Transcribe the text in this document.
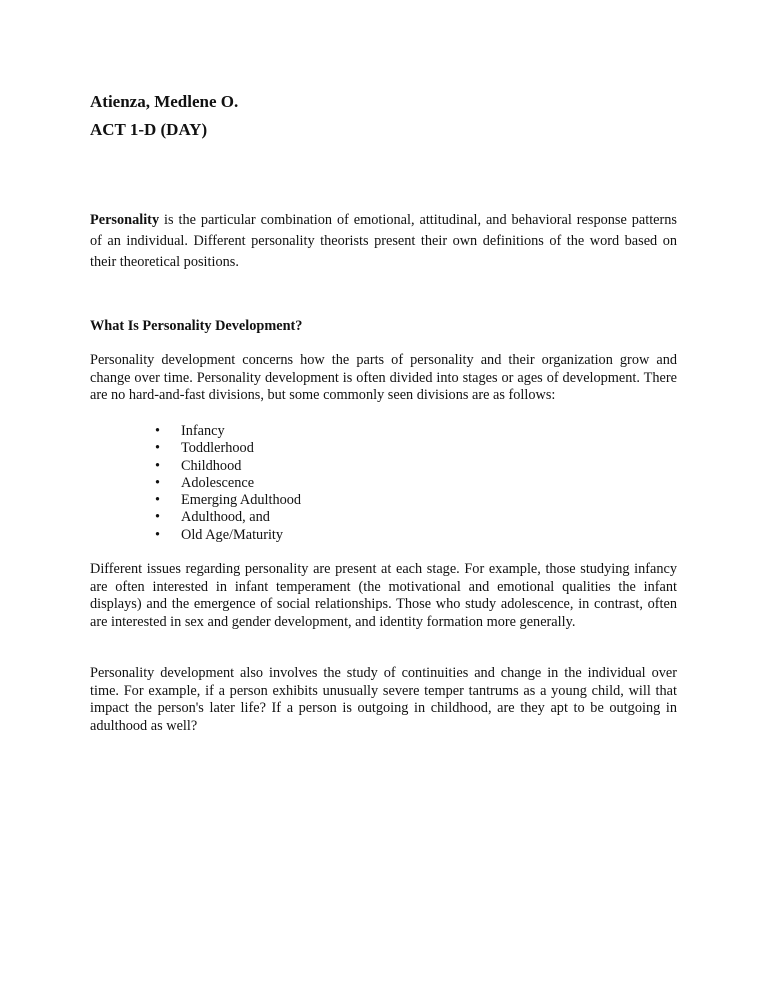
Atienza, Medlene O.

ACT 1-D (DAY)

Personality is the particular combination of emotional, attitudinal, and behavioral response patterns of an individual. Different personality theorists present their own definitions of the word based on their theoretical positions.

What Is Personality Development?

Personality development concerns how the parts of personality and their organization grow and change over time. Personality development is often divided into stages or ages of development. There are no hard-and-fast divisions, but some commonly seen divisions are as follows:

• Infancy
• Toddlerhood
• Childhood
• Adolescence
• Emerging Adulthood
• Adulthood, and
• Old Age/Maturity

Different issues regarding personality are present at each stage. For example, those studying infancy are often interested in infant temperament (the motivational and emotional qualities the infant displays) and the emergence of social relationships. Those who study adolescence, in contrast, often are interested in sex and gender development, and identity formation more generally.

Personality development also involves the study of continuities and change in the individual over time. For example, if a person exhibits unusually severe temper tantrums as a young child, will that impact the person's later life? If a person is outgoing in childhood, are they apt to be outgoing in adulthood as well?
